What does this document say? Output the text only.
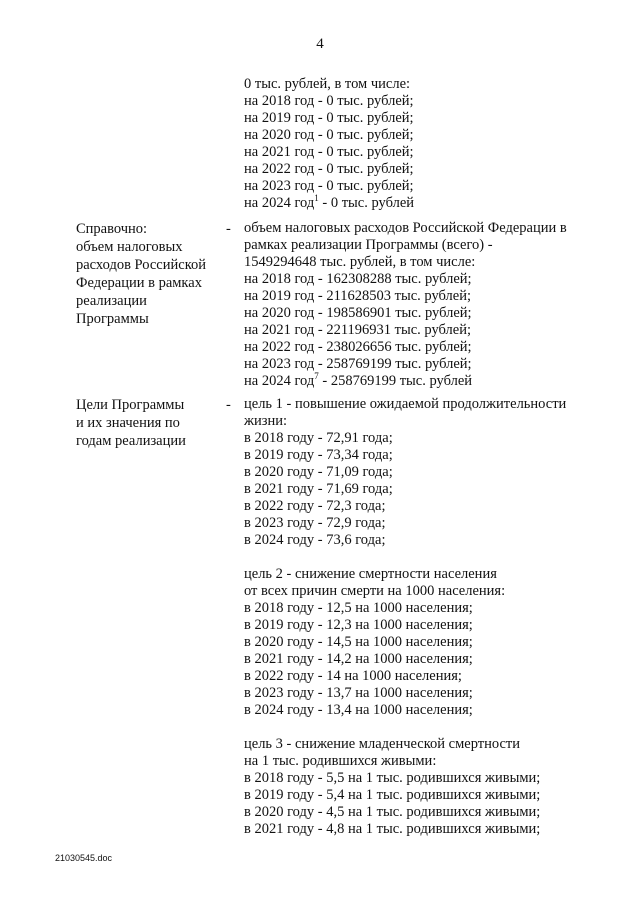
4
0 тыс. рублей, в том числе:
на 2018 год - 0 тыс. рублей;
на 2019 год - 0 тыс. рублей;
на 2020 год - 0 тыс. рублей;
на 2021 год - 0 тыс. рублей;
на 2022 год - 0 тыс. рублей;
на 2023 год - 0 тыс. рублей;
на 2024 год$^1$ - 0 тыс. рублей
Справочно:
объем налоговых
расходов Российской
Федерации в рамках
реализации
Программы
- объем налоговых расходов Российской Федерации в
рамках реализации Программы (всего) -
1549294648 тыс. рублей, в том числе:
на 2018 год - 162308288 тыс. рублей;
на 2019 год - 211628503 тыс. рублей;
на 2020 год - 198586901 тыс. рублей;
на 2021 год - 221196931 тыс. рублей;
на 2022 год - 238026656 тыс. рублей;
на 2023 год - 258769199 тыс. рублей;
на 2024 год$^7$ - 258769199 тыс. рублей
Цели Программы
и их значения по
годам реализации
- цель 1 - повышение ожидаемой продолжительности
жизни:
в 2018 году - 72,91 года;
в 2019 году - 73,34 года;
в 2020 году - 71,09 года;
в 2021 году - 71,69 года;
в 2022 году - 72,3 года;
в 2023 году - 72,9 года;
в 2024 году - 73,6 года;
цель 2 - снижение смертности населения
от всех причин смерти на 1000 населения:
в 2018 году - 12,5 на 1000 населения;
в 2019 году - 12,3 на 1000 населения;
в 2020 году - 14,5 на 1000 населения;
в 2021 году - 14,2 на 1000 населения;
в 2022 году - 14 на 1000 населения;
в 2023 году - 13,7 на 1000 населения;
в 2024 году - 13,4 на 1000 населения;
цель 3 - снижение младенческой смертности
на 1 тыс. родившихся живыми:
в 2018 году - 5,5 на 1 тыс. родившихся живыми;
в 2019 году - 5,4 на 1 тыс. родившихся живыми;
в 2020 году - 4,5 на 1 тыс. родившихся живыми;
в 2021 году - 4,8 на 1 тыс. родившихся живыми;
21030545.doc
